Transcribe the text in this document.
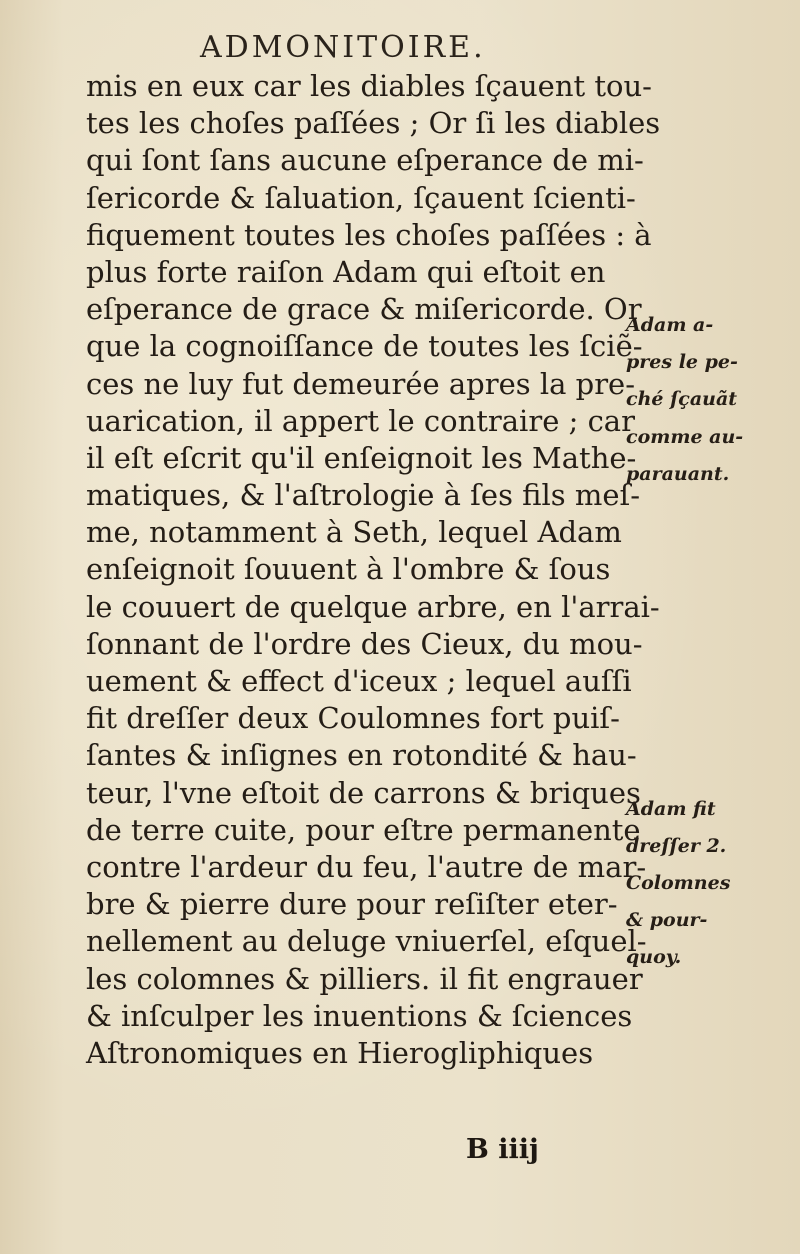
ADMONITOIRE.
mis en eux car les diables ſçauent tou-
tes les choſes paſſées ; Or ſi les diables
qui ſont ſans aucune eſperance de mi-
ſericorde & ſaluation, ſçauent ſcienti-
fiquement toutes les choſes paſſées : à
plus forte raiſon Adam qui eſtoit en
eſperance de grace & miſericorde. Or
que la cognoiſſance de toutes les ſciẽ-
ces ne luy fut demeurée apres la pre-
uarication, il appert le contraire ; car
il eſt eſcrit qu'il enſeignoit les Mathe-
matiques, & l'aſtrologie à ſes fils meſ-
me, notamment à Seth, lequel Adam
enſeignoit ſouuent à l'ombre & ſous
le couuert de quelque arbre, en l'arrai-
ſonnant de l'ordre des Cieux, du mou-
uement & effect d'iceux ; lequel auſſi
fit dreſſer deux Coulomnes fort puiſ-
ſantes & inſignes en rotondité & hau-
teur, l'vne eſtoit de carrons & briques
de terre cuite, pour eſtre permanente
contre l'ardeur du feu, l'autre de mar-
bre & pierre dure pour reſiſter eter-
nellement au deluge vniuerſel, eſquel-
les colomnes & pilliers. il fit engrauer
& inſculper les inuentions & ſciences
Aſtronomiques en Hierogliphiques
Adam a-
pres le pe-
ché ſçauãt
comme au-
parauant.
Adam fit
dreſſer 2.
Colomnes
& pour-
quoy.
B iiij
